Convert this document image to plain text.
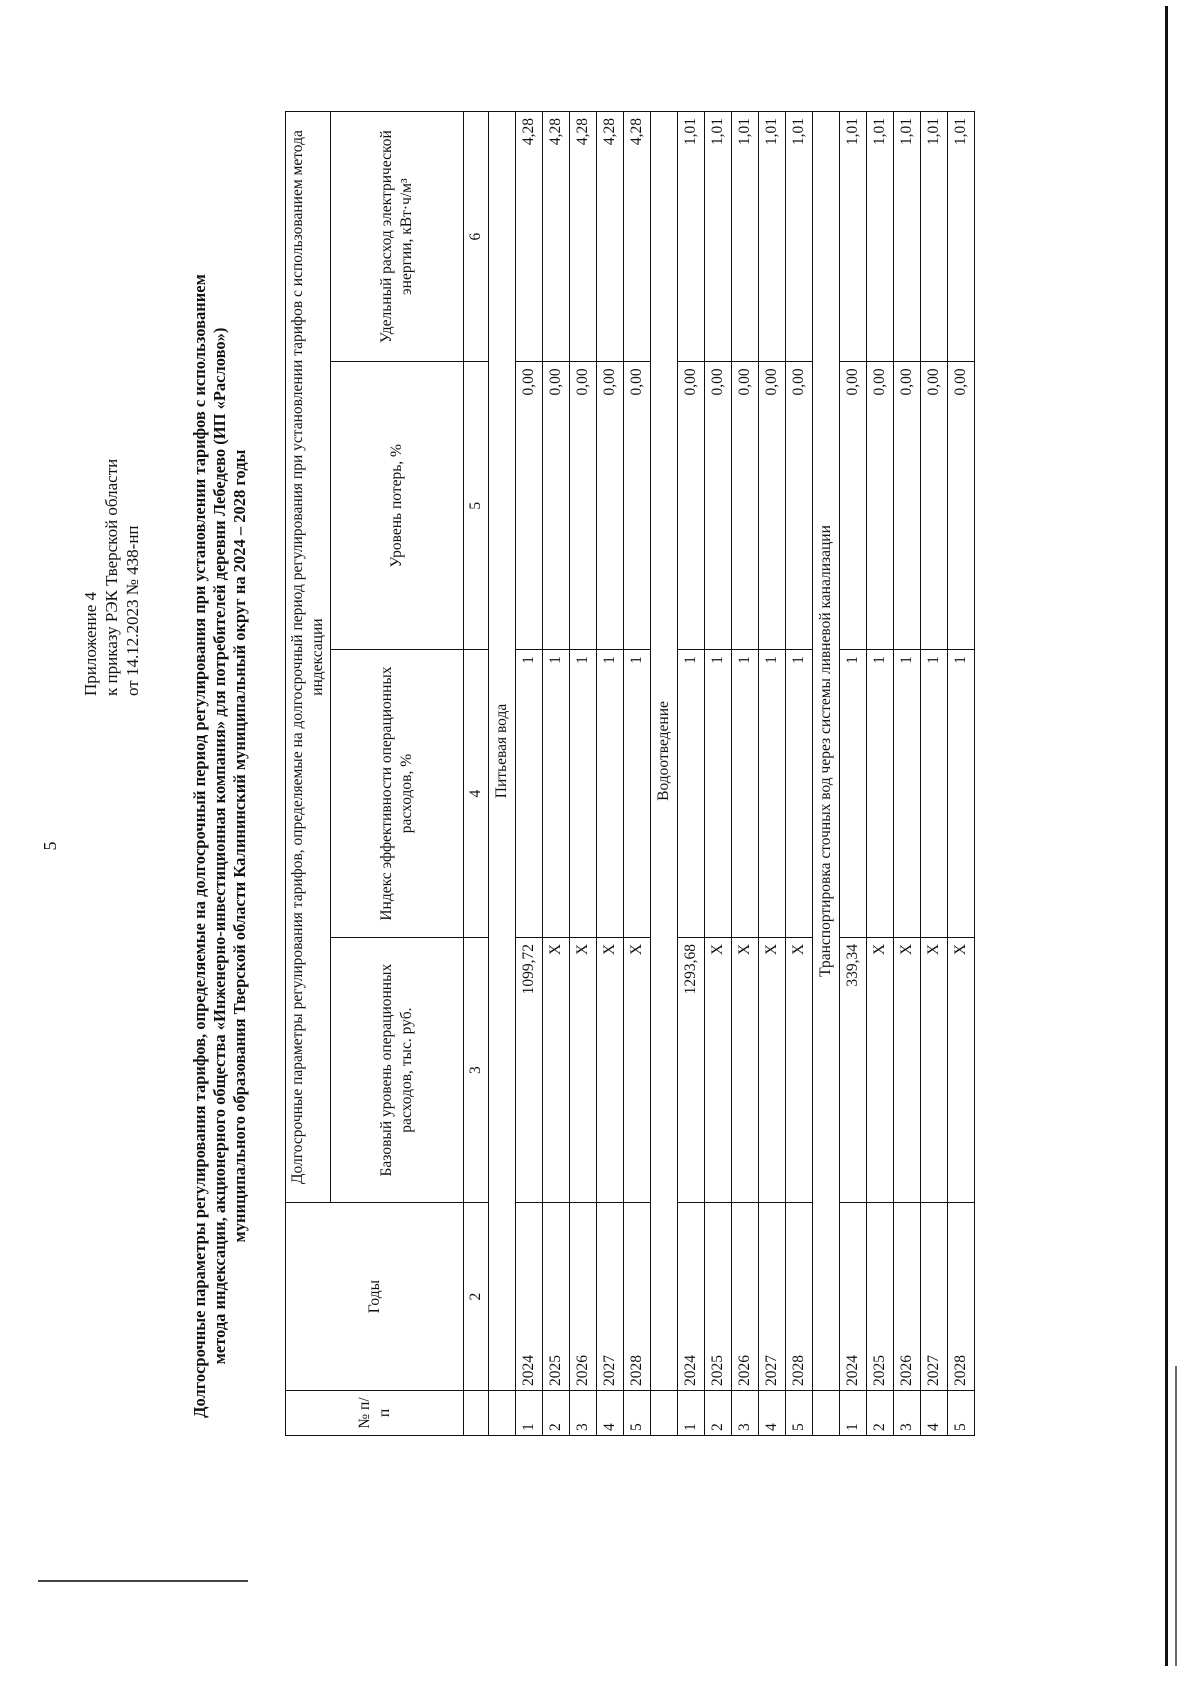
5
Приложение 4 к приказу РЭК Тверской области от 14.12.2023 № 438-нп	Долгосрочные параметры регулирования тарифов, определяемые на долгосрочный период регулирования при установлении тарифов с использованием метода индексации, акционерного общества «Инженерно-инвестиционная компания» для потребителей деревни Лебедево (ИП «Раслово») муниципального образования Тверской области Калининский муниципальный округ на 2024 – 2028 годы
№ п/п	Годы	Долгосрочные параметры регулирования тарифов, определяемые на долгосрочный период регулирования при установлении тарифов с использованием метода индексации			
		Базовый уровень операционных расходов, тыс. руб.	Индекс эффективности операционных расходов, %	Уровень потерь, %	Удельный расход электрической энергии, кВт·ч/м³
	2	3	4	5	6
	Питьевая вода				
1	2024	1099,72	1	0,00	4,28
2	2025	Х	1	0,00	4,28
3	2026	Х	1	0,00	4,28
4	2027	Х	1	0,00	4,28
5	2028	Х	1	0,00	4,28
	Водоотведение				
1	2024	1293,68	1	0,00	1,01
2	2025	Х	1	0,00	1,01
3	2026	Х	1	0,00	1,01
4	2027	Х	1	0,00	1,01
5	2028	Х	1	0,00	1,01
	Транспортировка сточных вод через системы ливневой канализации				
1	2024	339,34	1	0,00	1,01
2	2025	Х	1	0,00	1,01
3	2026	Х	1	0,00	1,01
4	2027	Х	1	0,00	1,01
5	2028	Х	1	0,00	1,01
